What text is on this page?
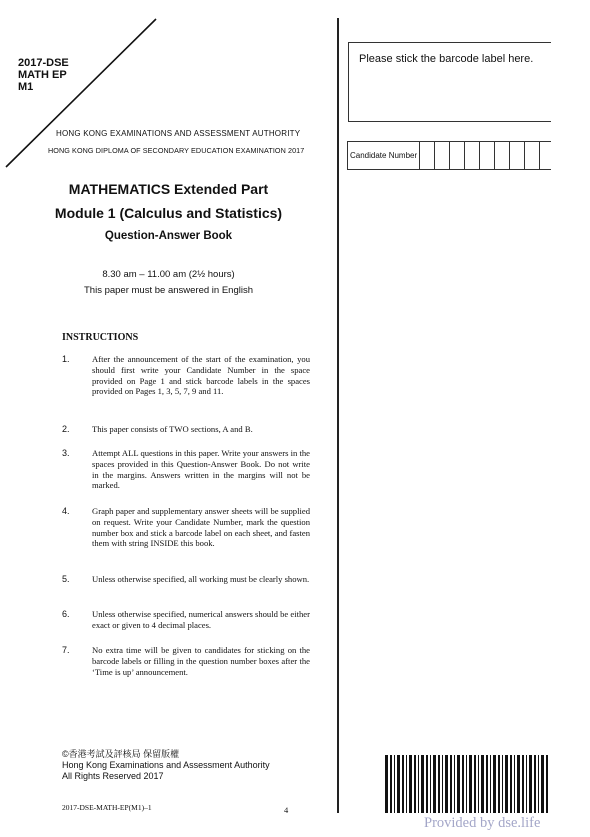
2017-DSE
MATH EP
M1
HONG KONG EXAMINATIONS AND ASSESSMENT AUTHORITY
HONG KONG DIPLOMA OF SECONDARY EDUCATION EXAMINATION 2017
Please stick the barcode label here.
Candidate Number
MATHEMATICS Extended Part
Module 1 (Calculus and Statistics)
Question-Answer Book
8.30 am – 11.00 am (2½ hours)
This paper must be answered in English
INSTRUCTIONS
1.	After the announcement of the start of the examination, you should first write your Candidate Number in the space provided on Page 1 and stick barcode labels in the spaces provided on Pages 1, 3, 5, 7, 9 and 11.
2.	This paper consists of TWO sections, A and B.
3.	Attempt ALL questions in this paper. Write your answers in the spaces provided in this Question-Answer Book. Do not write in the margins. Answers written in the margins will not be marked.
4.	Graph paper and supplementary answer sheets will be supplied on request. Write your Candidate Number, mark the question number box and stick a barcode label on each sheet, and fasten them with string INSIDE this book.
5.	Unless otherwise specified, all working must be clearly shown.
6.	Unless otherwise specified, numerical answers should be either exact or given to 4 decimal places.
7.	No extra time will be given to candidates for sticking on the barcode labels or filling in the question number boxes after the ‘Time is up’ announcement.
©香港考試及評核局 保留版權
Hong Kong Examinations and Assessment Authority
All Rights Reserved 2017
2017-DSE-MATH-EP(M1)–1	4
Provided by dse.life
